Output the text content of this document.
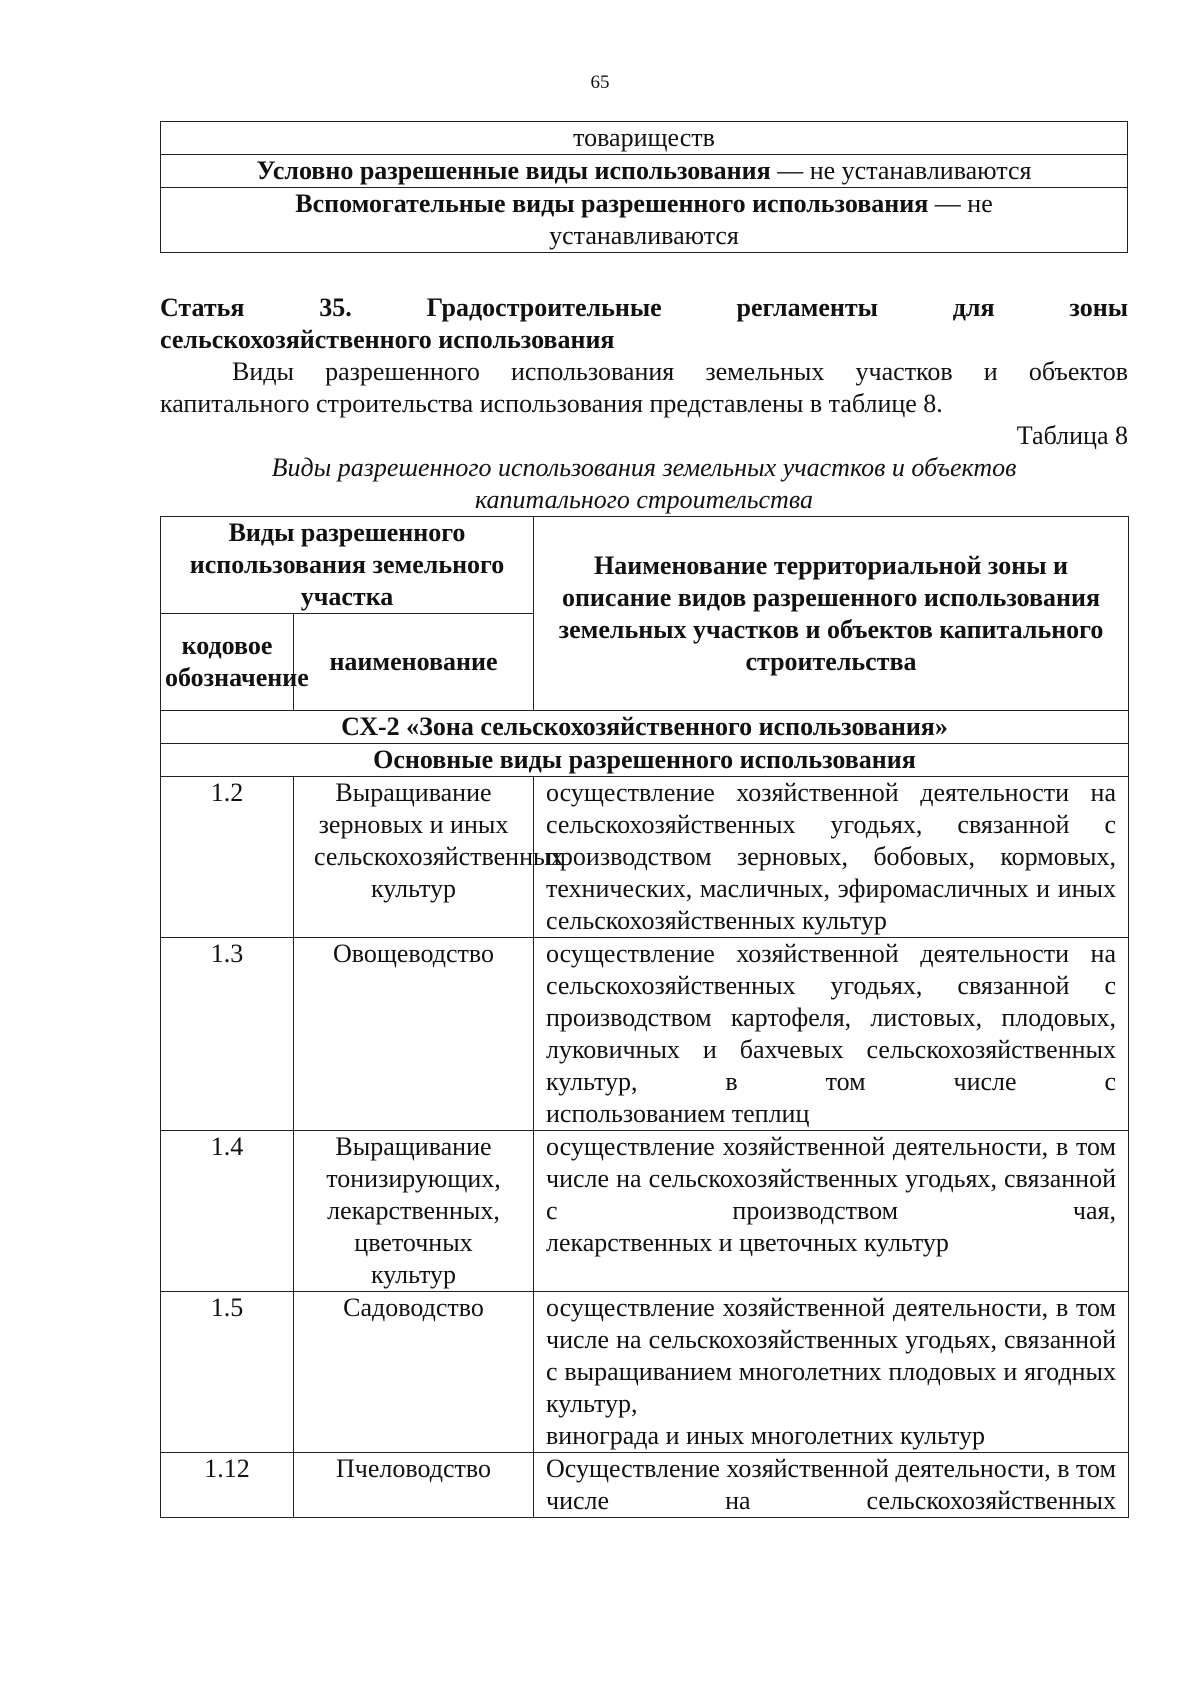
65
товариществ
Условно разрешенные виды использования — не устанавливаются
Вспомогательные виды разрешенного использования — не устанавливаются
Статья 35. Градостроительные регламенты для зоны
сельскохозяйственного использования
Виды разрешенного использования земельных участков и объектов
капитального строительства использования представлены в таблице 8.
Таблица 8
Виды разрешенного использования земельных участков и объектов
капитального строительства
Виды разрешенного использования земельного участка		Наименование территориальной зоны и описание видов разрешенного использования земельных участков и объектов капитального строительства
кодовое обозначение	наименование	
СХ-2 «Зона сельскохозяйственного использования»		
Основные виды разрешенного использования		
1.2	Выращивание зерновых и иных сельскохозяйственных культур	осуществление хозяйственной деятельности на сельскохозяйственных угодьях, связанной с производством зерновых, бобовых, кормовых, технических, масличных, эфиромасличных и иных
сельскохозяйственных культур

1.3	Овощеводство	осуществление хозяйственной деятельности на сельскохозяйственных угодьях, связанной с производством картофеля, листовых, плодовых, луковичных и бахчевых сельскохозяйственных культур, в том числе с
использованием теплиц

1.4	Выращивание тонизирующих, лекарственных, цветочных культур	осуществление хозяйственной деятельности, в том числе на сельскохозяйственных угодьях, связанной с производством чая,
лекарственных и цветочных культур

1.5	Садоводство	осуществление хозяйственной деятельности, в том числе на сельскохозяйственных угодьях, связанной с выращиванием многолетних плодовых и ягодных культур,
винограда и иных многолетних культур

1.12	Пчеловодство	Осуществление хозяйственной деятельности, в том числе на сельскохозяйственных
